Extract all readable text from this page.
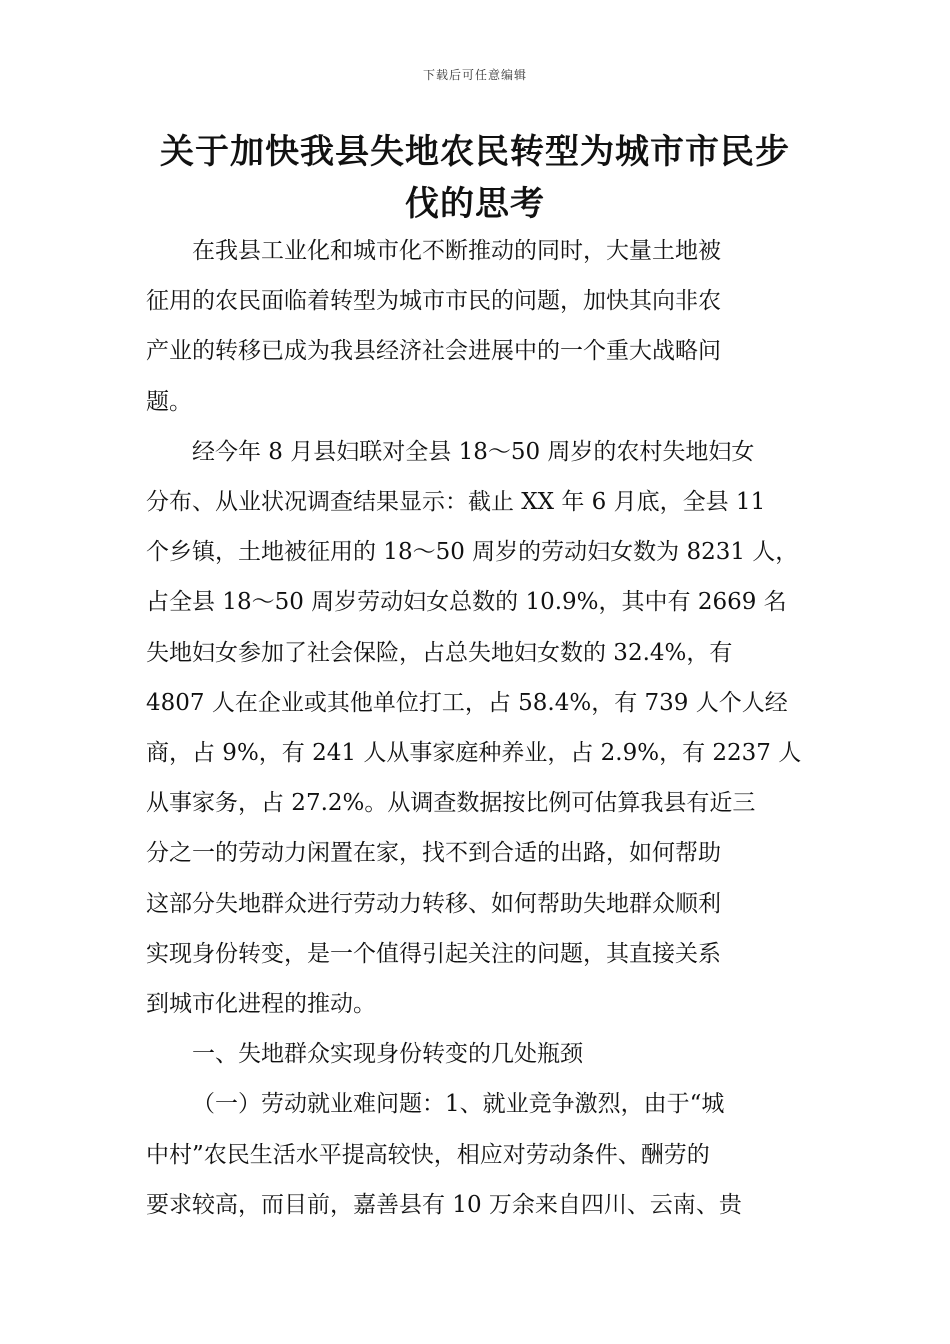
下载后可任意编辑
关于加快我县失地农民转型为城市市民步
伐的思考

在我县工业化和城市化不断推动的同时，大量土地被
征用的农民面临着转型为城市市民的问题，加快其向非农
产业的转移已成为我县经济社会进展中的一个重大战略问
题。

经今年 8 月县妇联对全县 18～50 周岁的农村失地妇女
分布、从业状况调查结果显示：截止 XX 年 6 月底，全县 11
个乡镇，土地被征用的 18～50 周岁的劳动妇女数为 8231 人，
占全县 18～50 周岁劳动妇女总数的 10.9%，其中有 2669 名
失地妇女参加了社会保险，占总失地妇女数的 32.4%，有
4807 人在企业或其他单位打工，占 58.4%，有 739 人个人经
商，占 9%，有 241 人从事家庭种养业，占 2.9%，有 2237 人
从事家务，占 27.2%。从调查数据按比例可估算我县有近三
分之一的劳动力闲置在家，找不到合适的出路，如何帮助
这部分失地群众进行劳动力转移、如何帮助失地群众顺利
实现身份转变，是一个值得引起关注的问题，其直接关系
到城市化进程的推动。

一、失地群众实现身份转变的几处瓶颈

（一）劳动就业难问题：1、就业竞争激烈，由于“城
中村”农民生活水平提高较快，相应对劳动条件、酬劳的
要求较高，而目前，嘉善县有 10 万余来自四川、云南、贵
